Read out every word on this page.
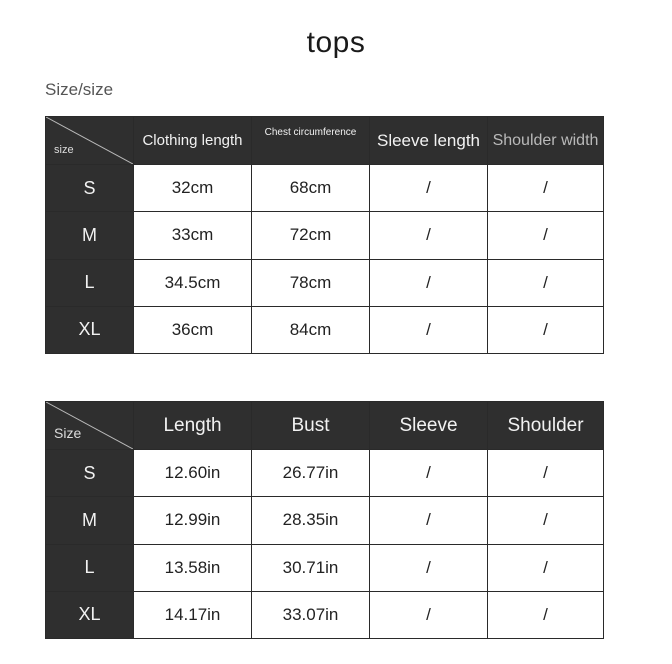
tops
Size/size
size	Clothing length	Chest circumference	Sleeve length	Shoulder width
S	32cm	68cm	/	/
M	33cm	72cm	/	/
L	34.5cm	78cm	/	/
XL	36cm	84cm	/	/
Size	Length	Bust	Sleeve	Shoulder
S	12.60in	26.77in	/	/
M	12.99in	28.35in	/	/
L	13.58in	30.71in	/	/
XL	14.17in	33.07in	/	/
